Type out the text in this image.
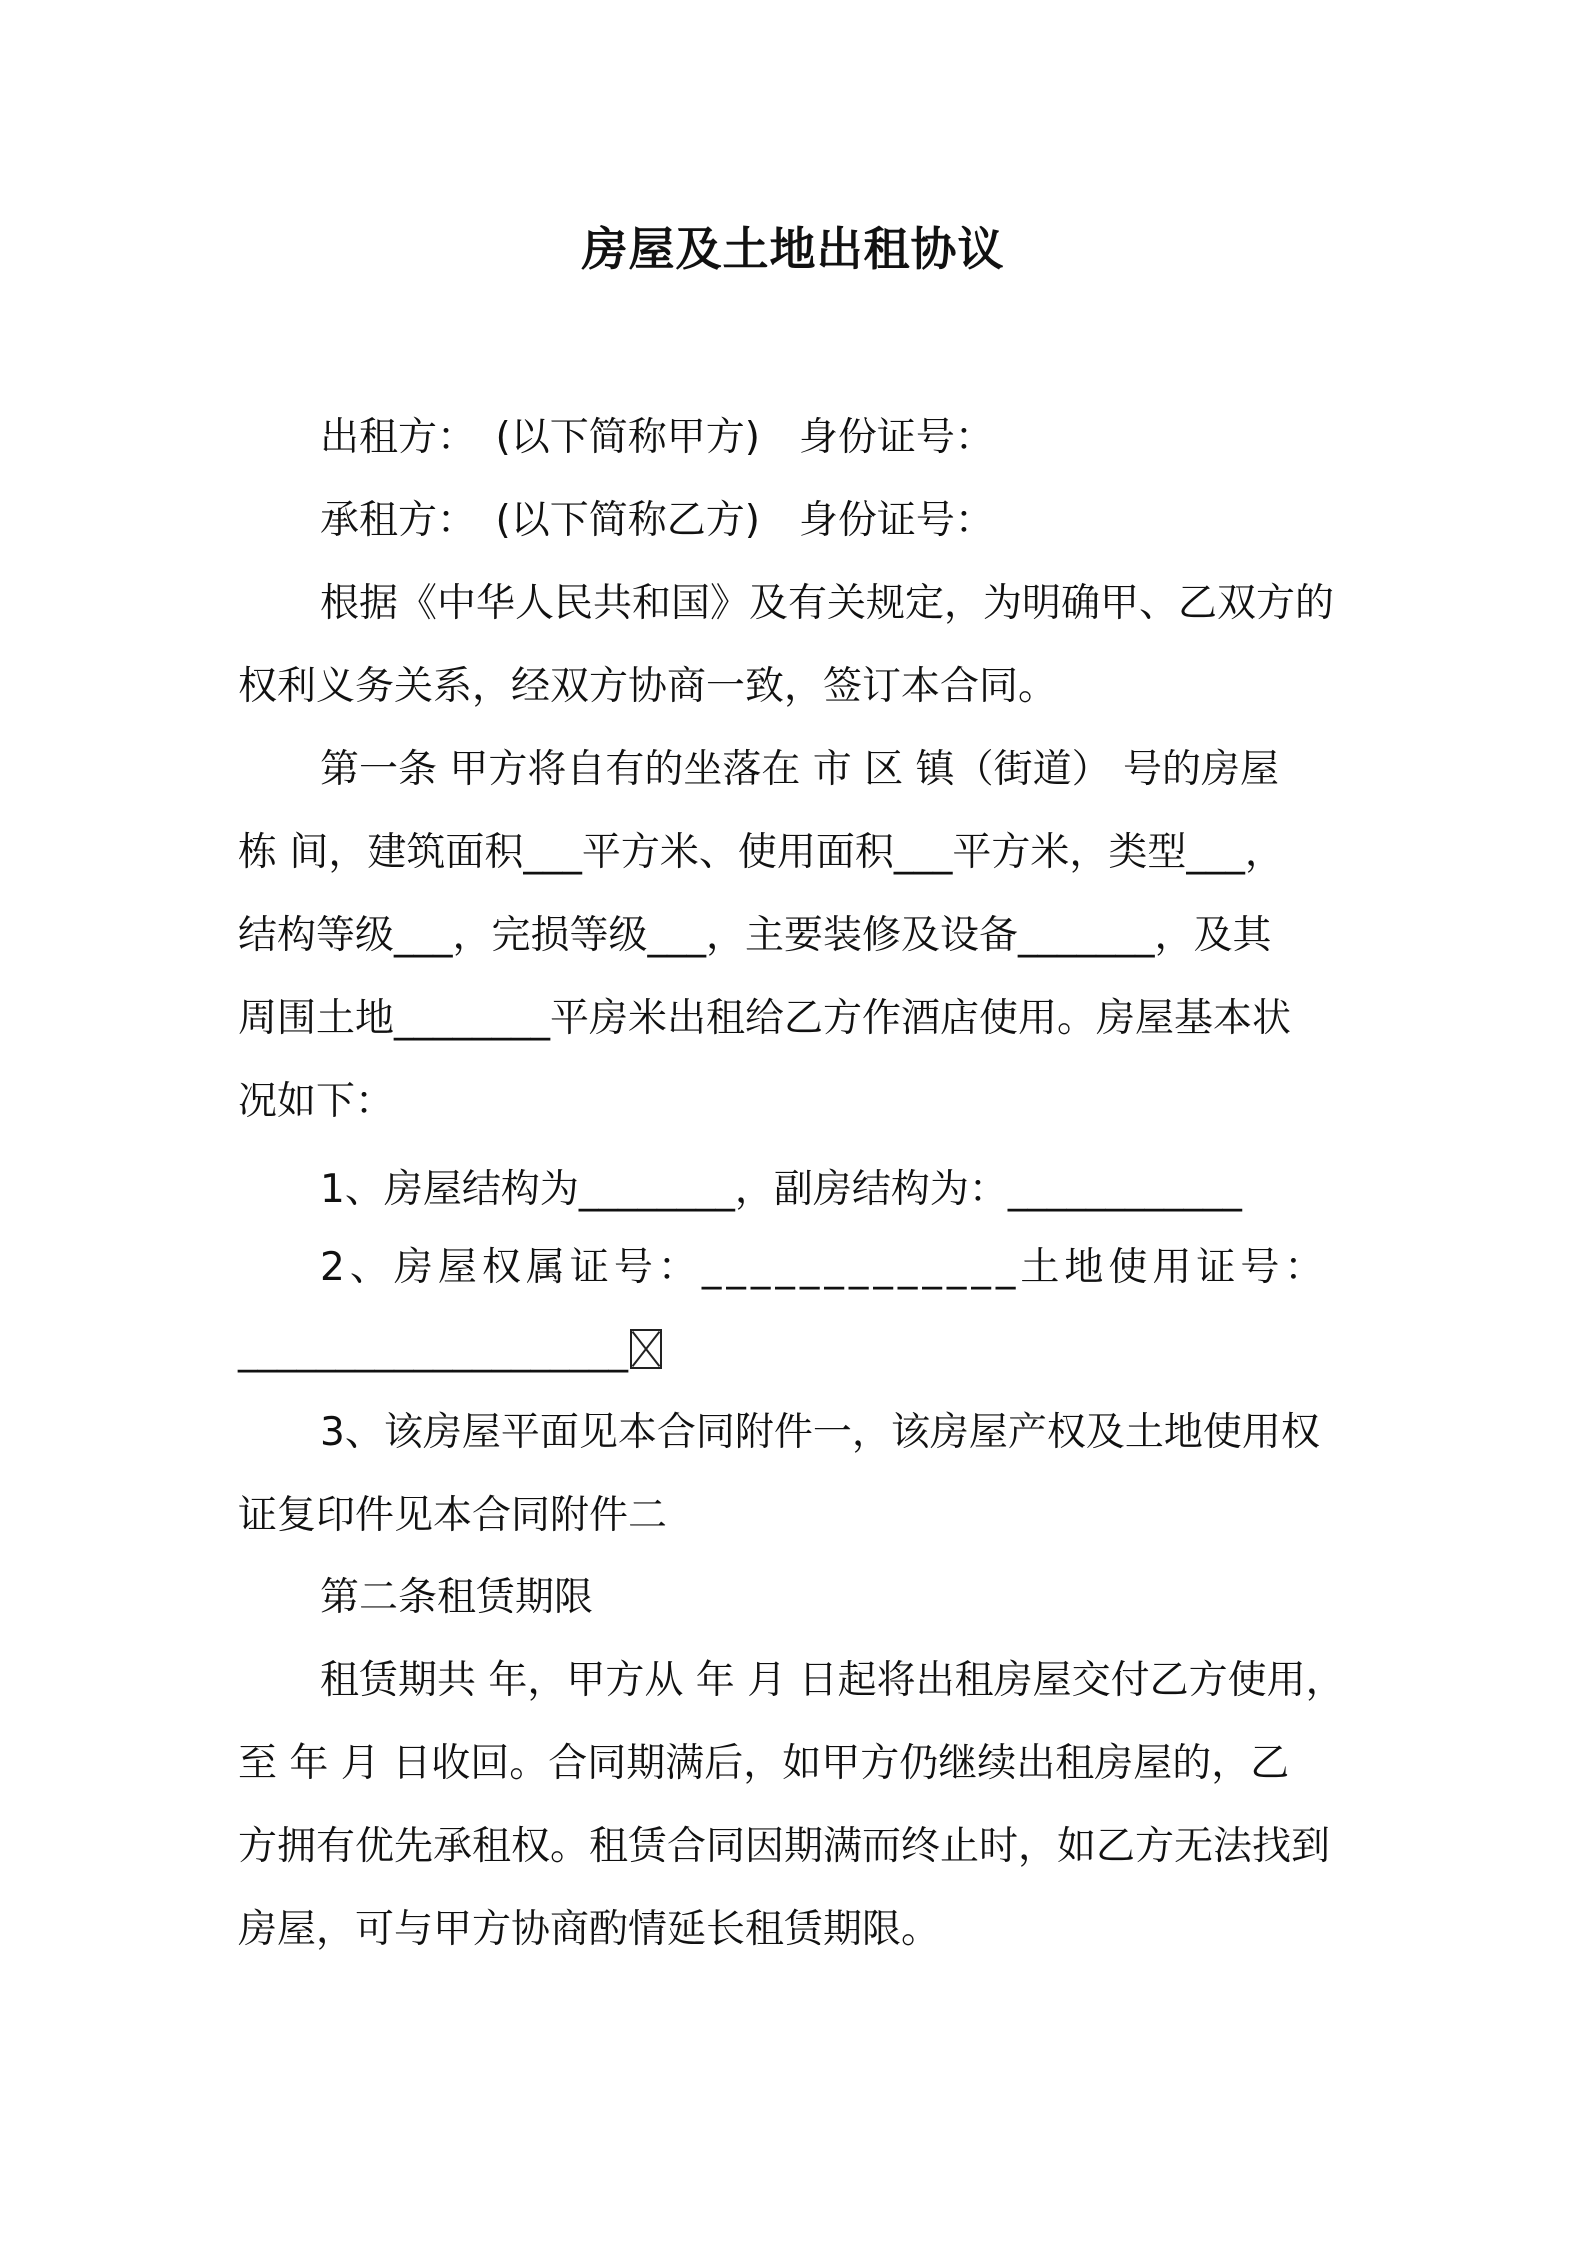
房屋及土地出租协议
出租方：　(以下简称甲方)　身份证号：
承租方：　(以下简称乙方)　身份证号：
根据《中华人民共和国》及有关规定，为明确甲、乙双方的
权利义务关系，经双方协商一致，签订本合同。
第一条 甲方将自有的坐落在 市 区 镇（街道） 号的房屋
栋 间，建筑面积___平方米、使用面积___平方米，类型___，
结构等级___，完损等级___，主要装修及设备_______，及其
周围土地________平房米出租给乙方作酒店使用。房屋基本状
况如下：
1、房屋结构为________，副房结构为：____________
2、房屋权属证号：_____________土地使用证号：
____________________
3、该房屋平面见本合同附件一，该房屋产权及土地使用权
证复印件见本合同附件二
第二条租赁期限
租赁期共 年，甲方从 年 月 日起将出租房屋交付乙方使用，
至 年 月 日收回。合同期满后，如甲方仍继续出租房屋的，乙
方拥有优先承租权。租赁合同因期满而终止时，如乙方无法找到
房屋，可与甲方协商酌情延长租赁期限。
